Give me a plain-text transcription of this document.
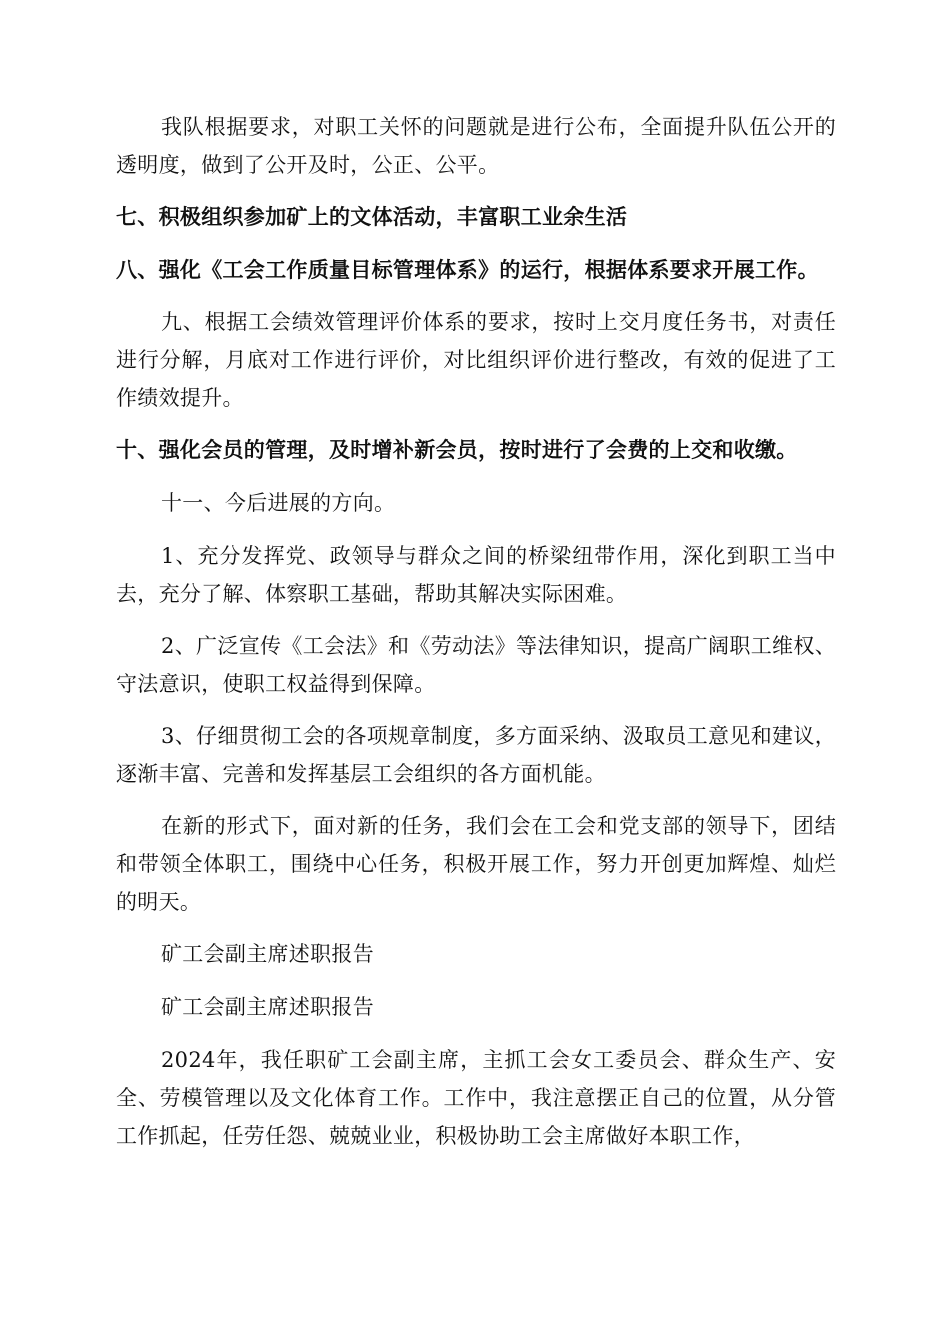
我队根据要求，对职工关怀的问题就是进行公布，全面提升队伍公开的透明度，做到了公开及时，公正、公平。

七、积极组织参加矿上的文体活动，丰富职工业余生活

八、强化《工会工作质量目标管理体系》的运行，根据体系要求开展工作。

九、根据工会绩效管理评价体系的要求，按时上交月度任务书，对责任进行分解，月底对工作进行评价，对比组织评价进行整改，有效的促进了工作绩效提升。

十、强化会员的管理，及时增补新会员，按时进行了会费的上交和收缴。

十一、今后进展的方向。

1、充分发挥党、政领导与群众之间的桥梁纽带作用，深化到职工当中去，充分了解、体察职工基础，帮助其解决实际困难。

2、广泛宣传《工会法》和《劳动法》等法律知识，提高广阔职工维权、守法意识，使职工权益得到保障。

3、仔细贯彻工会的各项规章制度，多方面采纳、汲取员工意见和建议，逐渐丰富、完善和发挥基层工会组织的各方面机能。

在新的形式下，面对新的任务，我们会在工会和党支部的领导下，团结和带领全体职工，围绕中心任务，积极开展工作，努力开创更加辉煌、灿烂的明天。

矿工会副主席述职报告

矿工会副主席述职报告

2024年，我任职矿工会副主席，主抓工会女工委员会、群众生产、安全、劳模管理以及文化体育工作。工作中，我注意摆正自己的位置，从分管工作抓起，任劳任怨、兢兢业业，积极协助工会主席做好本职工作，
